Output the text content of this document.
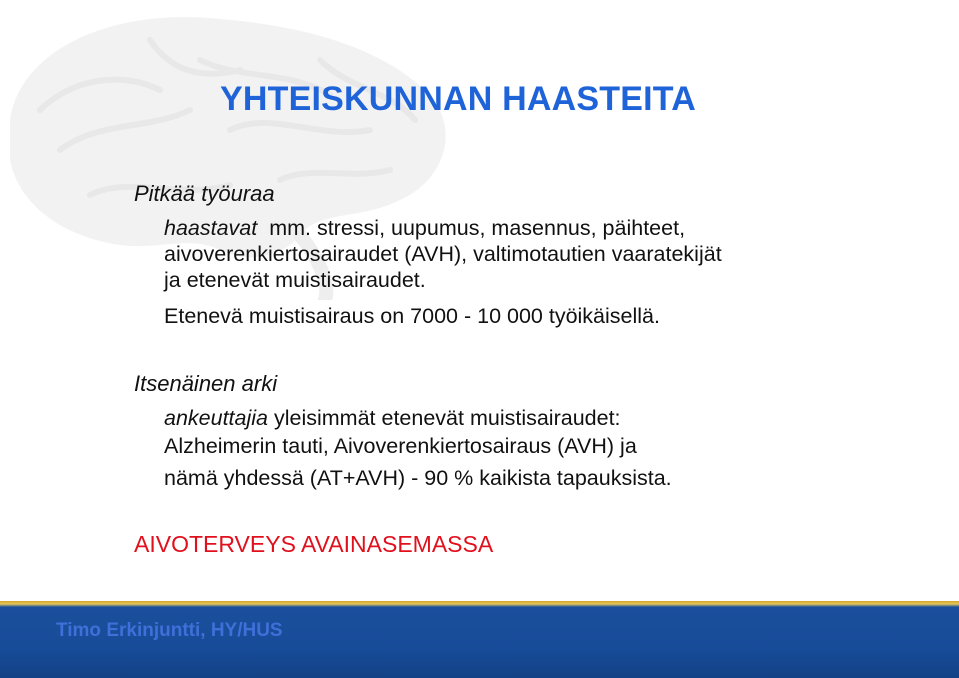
YHTEISKUNNAN HAASTEITA

Pitkää työuraa

haastavat mm. stressi, uupumus, masennus, päihteet,

aivoverenkiertosairaudet (AVH), valtimotautien vaaratekijät

ja etenevät muistisairaudet.

Etenevä muistisairaus on 7000 - 10 000 työikäisellä.

Itsenäinen arki

ankeuttajia yleisimmät etenevät muistisairaudet:

Alzheimerin tauti, Aivoverenkiertosairaus (AVH) ja

nämä yhdessä (AT+AVH) - 90 % kaikista tapauksista.

AIVOTERVEYS AVAINASEMASSA

Timo Erkinjuntti, HY/HUS
